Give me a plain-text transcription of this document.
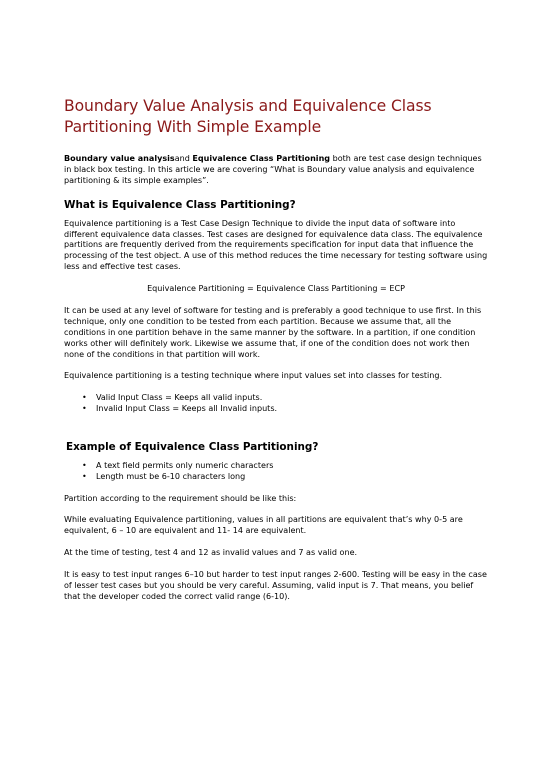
Boundary Value Analysis and Equivalence Class Partitioning With Simple Example

Boundary value analysisand Equivalence Class Partitioning both are test case design techniques in black box testing. In this article we are covering “What is Boundary value analysis and equivalence partitioning & its simple examples”.

What is Equivalence Class Partitioning?

Equivalence partitioning is a Test Case Design Technique to divide the input data of software into different equivalence data classes. Test cases are designed for equivalence data class. The equivalence partitions are frequently derived from the requirements specification for input data that influence the processing of the test object. A use of this method reduces the time necessary for testing software using less and effective test cases.

Equivalence Partitioning = Equivalence Class Partitioning = ECP

It can be used at any level of software for testing and is preferably a good technique to use first. In this technique, only one condition to be tested from each partition. Because we assume that, all the conditions in one partition behave in the same manner by the software. In a partition, if one condition works other will definitely work. Likewise we assume that, if one of the condition does not work then none of the conditions in that partition will work.

Equivalence partitioning is a testing technique where input values set into classes for testing.

• Valid Input Class = Keeps all valid inputs.
• Invalid Input Class = Keeps all Invalid inputs.
Example of Equivalence Class Partitioning?
• A text field permits only numeric characters
• Length must be 6-10 characters long

Partition according to the requirement should be like this:

While evaluating Equivalence partitioning, values in all partitions are equivalent that’s why 0-5 are equivalent, 6 – 10 are equivalent and 11- 14 are equivalent.

At the time of testing, test 4 and 12 as invalid values and 7 as valid one.

It is easy to test input ranges 6–10 but harder to test input ranges 2-600. Testing will be easy in the case of lesser test cases but you should be very careful. Assuming, valid input is 7. That means, you belief that the developer coded the correct valid range (6-10).
